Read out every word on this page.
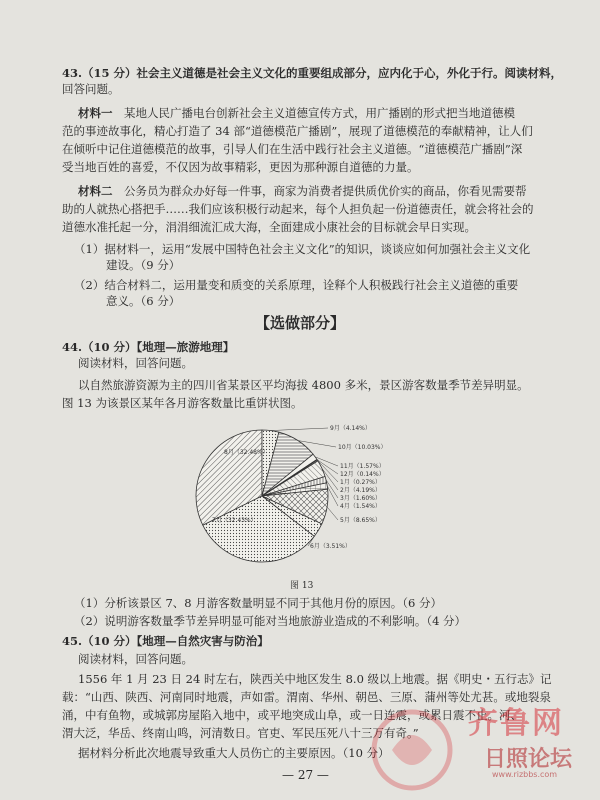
43.（15 分）社会主义道德是社会主义文化的重要组成部分，应内化于心，外化于行。阅读材料，
回答问题。
材料一  某地人民广播电台创新社会主义道德宣传方式，用广播剧的形式把当地道德模
范的事迹故事化，精心打造了 34 部“道德模范广播剧”，展现了道德模范的奉献精神，让人们
在倾听中记住道德模范的故事，引导人们在生活中践行社会主义道德。“道德模范广播剧”深
受当地百姓的喜爱，不仅因为故事精彩，更因为那种源自道德的力量。
材料二  公务员为群众办好每一件事，商家为消费者提供质优价实的商品，你看见需要帮
助的人就热心搭把手……我们应该积极行动起来，每个人担负起一份道德责任，就会将社会的
道德水准托起一分，涓涓细流汇成大海，全面建成小康社会的目标就会早日实现。
（1）据材料一，运用“发展中国特色社会主义文化”的知识，谈谈应如何加强社会主义文化
建设。（9 分）
（2）结合材料二，运用量变和质变的关系原理，诠释个人积极践行社会主义道德的重要
意义。（6 分）
【选做部分】
44.（10 分）【地理—旅游地理】
阅读材料，回答问题。
以自然旅游资源为主的四川省某景区平均海拔 4800 多米，景区游客数量季节差异明显。
图 13 为该景区某年各月游客数量比重饼状图。
8月（32.48%）
9月（4.14%）
10月（10.03%）
11月（1.57%）
12月（0.14%）
1月（0.27%）
2月（4.19%）
3月（1.60%）
4月（1.54%）
5月（8.65%）
6月（3.51%）
7月（32.43%）
图 13
（1）分析该景区 7、8 月游客数量明显不同于其他月份的原因。（6 分）
（2）说明游客数量季节差异明显可能对当地旅游业造成的不利影响。（4 分）
45.（10 分）【地理—自然灾害与防治】
阅读材料，回答问题。
1556 年 1 月 23 日 24 时左右，陕西关中地区发生 8.0 级以上地震。据《明史・五行志》记
载：“山西、陕西、河南同时地震，声如雷。渭南、华州、朝邑、三原、蒲州等处尤甚。或地裂泉
涌，中有鱼物，或城郭房屋陷入地中，或平地突成山阜，或一日连震，或累日震不止。河、
渭大泛，华岳、终南山鸣，河清数日。官吏、军民压死八十三万有奇。”
据材料分析此次地震导致重大人员伤亡的主要原因。（10 分）
— 27 —
齐鲁网
日照论坛
www.rizbbs.com
